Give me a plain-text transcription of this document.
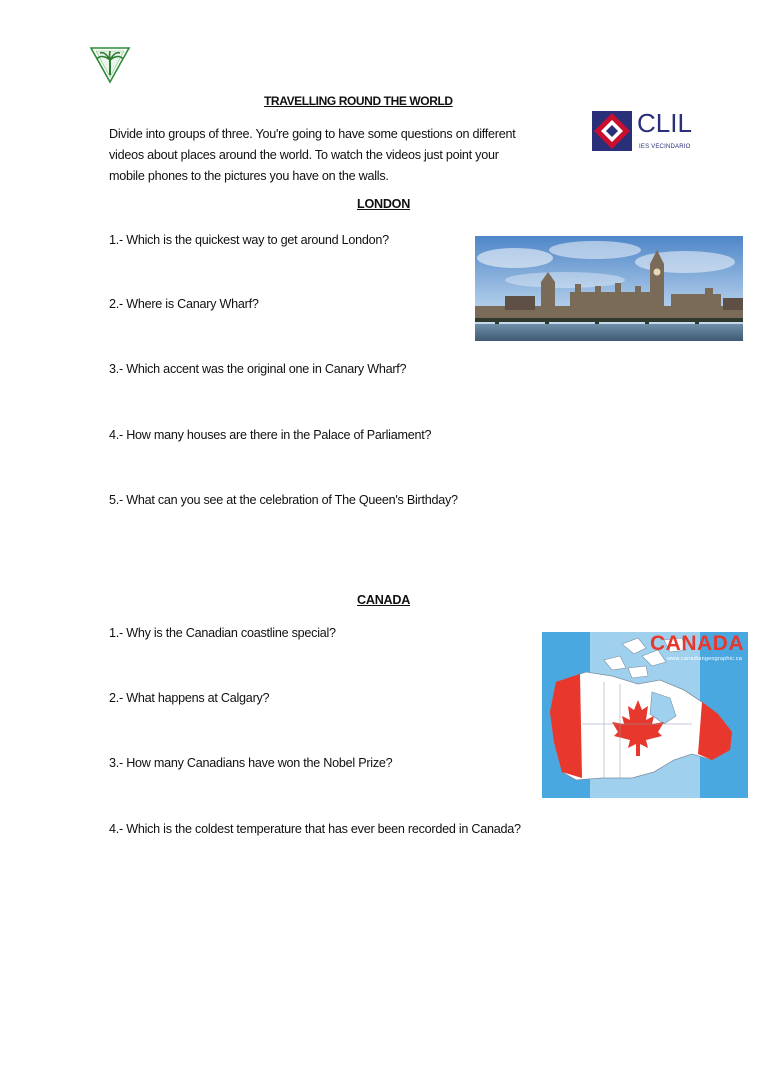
TRAVELLING ROUND THE WORLD
Divide into groups of three. You're going to have some questions on different
videos about places around the world. To watch the videos just point your
mobile phones to the pictures you have on the walls.
CLIL
IES VECINDARIO
LONDON
1.- Which is the quickest way to get around London?
2.- Where is Canary Wharf?
3.- Which accent was the original one in Canary Wharf?
4.- How many houses are there in the Palace of Parliament?
5.- What can you see at the celebration of The Queen's Birthday?
CANADA
1.- Why is the Canadian coastline special?
2.- What happens at Calgary?
3.- How many Canadians have won the Nobel Prize?
4.- Which is the coldest temperature that has ever been recorded in Canada?
CANADA
www.canadiangeographic.ca
